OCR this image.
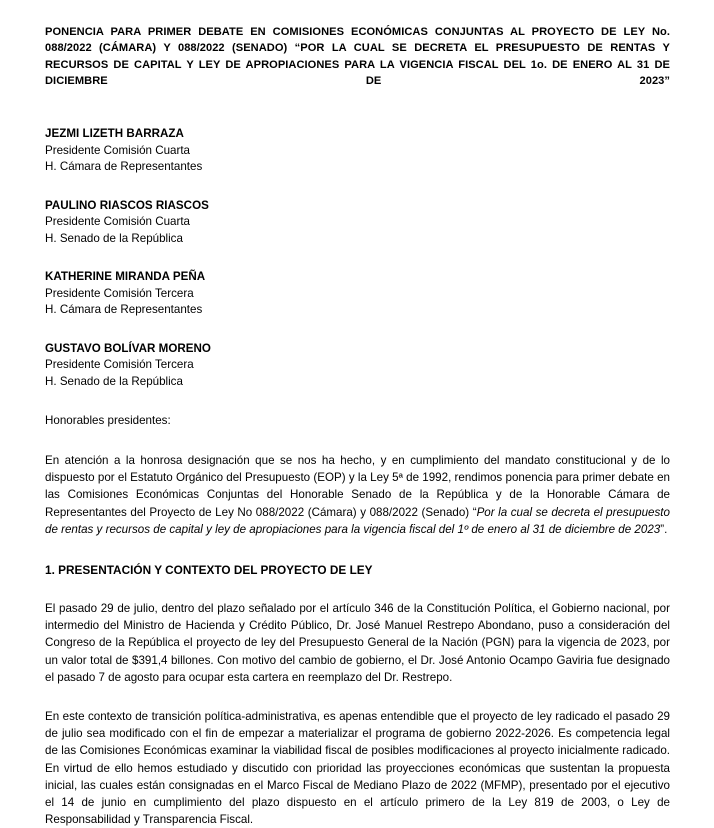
PONENCIA PARA PRIMER DEBATE EN COMISIONES ECONÓMICAS CONJUNTAS AL PROYECTO DE LEY No. 088/2022 (CÁMARA) Y 088/2022 (SENADO) “POR LA CUAL SE DECRETA EL PRESUPUESTO DE RENTAS Y RECURSOS DE CAPITAL Y LEY DE APROPIACIONES PARA LA VIGENCIA FISCAL DEL 1o. DE ENERO AL 31 DE DICIEMBRE DE 2023”

JEZMI LIZETH BARRAZA
Presidente Comisión Cuarta
H. Cámara de Representantes
PAULINO RIASCOS RIASCOS
Presidente Comisión Cuarta
H. Senado de la República
KATHERINE MIRANDA PEÑA
Presidente Comisión Tercera
H. Cámara de Representantes
GUSTAVO BOLÍVAR MORENO
Presidente Comisión Tercera
H. Senado de la República

Honorables presidentes:

En atención a la honrosa designación que se nos ha hecho, y en cumplimiento del mandato constitucional y de lo dispuesto por el Estatuto Orgánico del Presupuesto (EOP) y la Ley 5ª de 1992, rendimos ponencia para primer debate en las Comisiones Económicas Conjuntas del Honorable Senado de la República y de la Honorable Cámara de Representantes del Proyecto de Ley No 088/2022 (Cámara) y 088/2022 (Senado) “Por la cual se decreta el presupuesto de rentas y recursos de capital y ley de apropiaciones para la vigencia fiscal del 1º de enero al 31 de diciembre de 2023”.

1. PRESENTACIÓN Y CONTEXTO DEL PROYECTO DE LEY

El pasado 29 de julio, dentro del plazo señalado por el artículo 346 de la Constitución Política, el Gobierno nacional, por intermedio del Ministro de Hacienda y Crédito Público, Dr. José Manuel Restrepo Abondano, puso a consideración del Congreso de la República el proyecto de ley del Presupuesto General de la Nación (PGN) para la vigencia de 2023, por un valor total de $391,4 billones. Con motivo del cambio de gobierno, el Dr. José Antonio Ocampo Gaviria fue designado el pasado 7 de agosto para ocupar esta cartera en reemplazo del Dr. Restrepo.

En este contexto de transición política-administrativa, es apenas entendible que el proyecto de ley radicado el pasado 29 de julio sea modificado con el fin de empezar a materializar el programa de gobierno 2022-2026. Es competencia legal de las Comisiones Económicas examinar la viabilidad fiscal de posibles modificaciones al proyecto inicialmente radicado. En virtud de ello hemos estudiado y discutido con prioridad las proyecciones económicas que sustentan la propuesta inicial, las cuales están consignadas en el Marco Fiscal de Mediano Plazo de 2022 (MFMP), presentado por el ejecutivo el 14 de junio en cumplimiento del plazo dispuesto en el artículo primero de la Ley 819 de 2003, o Ley de Responsabilidad y Transparencia Fiscal.
